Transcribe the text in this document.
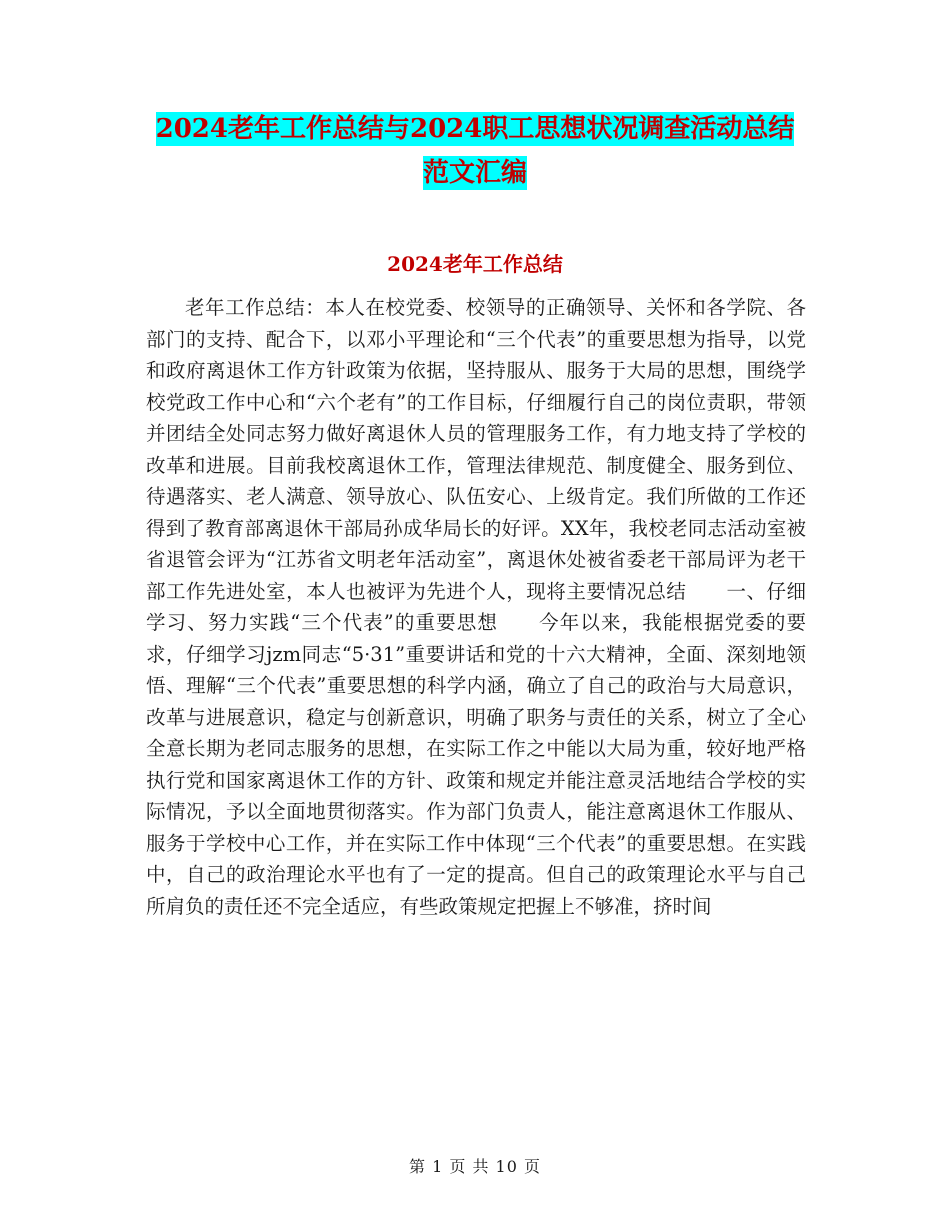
2024老年工作总结与2024职工思想状况调查活动总结
范文汇编
2024老年工作总结

老年工作总结：本人在校党委、校领导的正确领导、关怀和各学院、各部门的支持、配合下，以邓小平理论和“三个代表”的重要思想为指导，以党和政府离退休工作方针政策为依据，坚持服从、服务于大局的思想，围绕学校党政工作中心和“六个老有”的工作目标，仔细履行自己的岗位责职，带领并团结全处同志努力做好离退休人员的管理服务工作，有力地支持了学校的改革和进展。目前我校离退休工作，管理法律规范、制度健全、服务到位、待遇落实、老人满意、领导放心、队伍安心、上级肯定。我们所做的工作还得到了教育部离退休干部局孙成华局长的好评。XX年，我校老同志活动室被省退管会评为“江苏省文明老年活动室”，离退休处被省委老干部局评为老干部工作先进处室，本人也被评为先进个人，现将主要情况总结　　一、仔细学习、努力实践“三个代表”的重要思想　　今年以来，我能根据党委的要求，仔细学习jzm同志“5·31”重要讲话和党的十六大精神，全面、深刻地领悟、理解“三个代表”重要思想的科学内涵，确立了自己的政治与大局意识，改革与进展意识，稳定与创新意识，明确了职务与责任的关系，树立了全心全意长期为老同志服务的思想，在实际工作之中能以大局为重，较好地严格执行党和国家离退休工作的方针、政策和规定并能注意灵活地结合学校的实际情况，予以全面地贯彻落实。作为部门负责人，能注意离退休工作服从、服务于学校中心工作，并在实际工作中体现“三个代表”的重要思想。在实践中，自己的政治理论水平也有了一定的提高。但自己的政策理论水平与自己所肩负的责任还不完全适应，有些政策规定把握上不够准，挤时间

第 1 页 共 10 页
